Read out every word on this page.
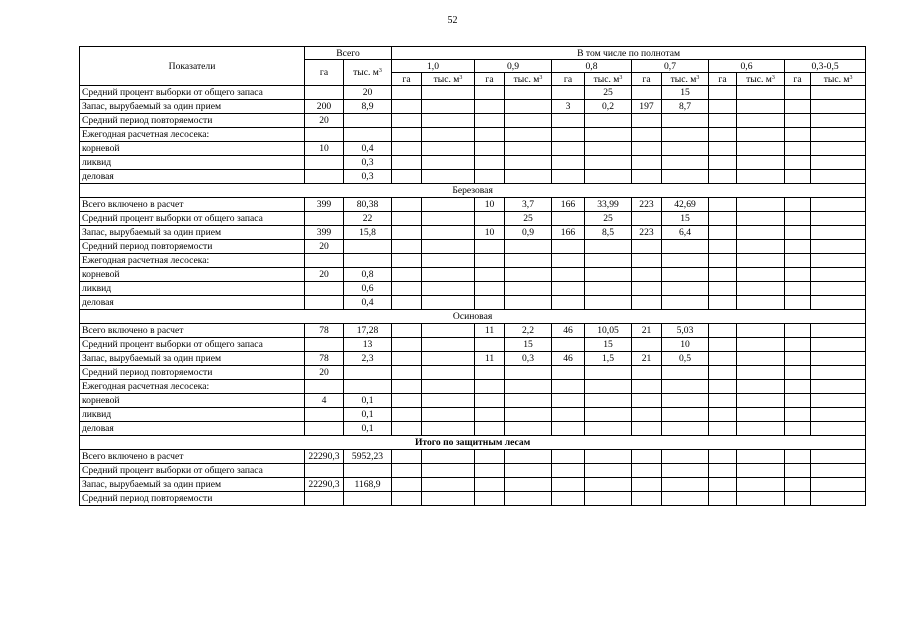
52
Показатели	Всего		В том числе по полнотам											
	га	тыс. $м^3$	1,0		0,9		0,8		0,7		0,6		0,3-0,5	
			га	тыс. $м^3$	га	тыс. $м^3$	га	тыс. $м^3$	га	тыс. $м^3$	га	тыс. $м^3$	га	тыс. $м^3$
Средний процент выборки от общего запаса		20						25		15				
Запас, вырубаемый за один прием	200	8,9					3	0,2	197	8,7				
Средний период повторяемости	20													
Ежегодная расчетная лесосека:														
корневой	10	0,4												
ликвид		0,3												
деловая		0,3												
Березовая														
Всего включено в расчет	399	80,38			10	3,7	166	33,99	223	42,69				
Средний процент выборки от общего запаса		22				25		25		15				
Запас, вырубаемый за один прием	399	15,8			10	0,9	166	8,5	223	6,4				
Средний период повторяемости	20													
Ежегодная расчетная лесосека:														
корневой	20	0,8												
ликвид		0,6												
деловая		0,4												
Осиновая														
Всего включено в расчет	78	17,28			11	2,2	46	10,05	21	5,03				
Средний процент выборки от общего запаса		13				15		15		10				
Запас, вырубаемый за один прием	78	2,3			11	0,3	46	1,5	21	0,5				
Средний период повторяемости	20													
Ежегодная расчетная лесосека:														
корневой	4	0,1												
ликвид		0,1												
деловая		0,1												
Итого по защитным лесам														
Всего включено в расчет	22290,3	5952,23												
Средний процент выборки от общего запаса														
Запас, вырубаемый за один прием	22290,3	1168,9												
Средний период повторяемости														
